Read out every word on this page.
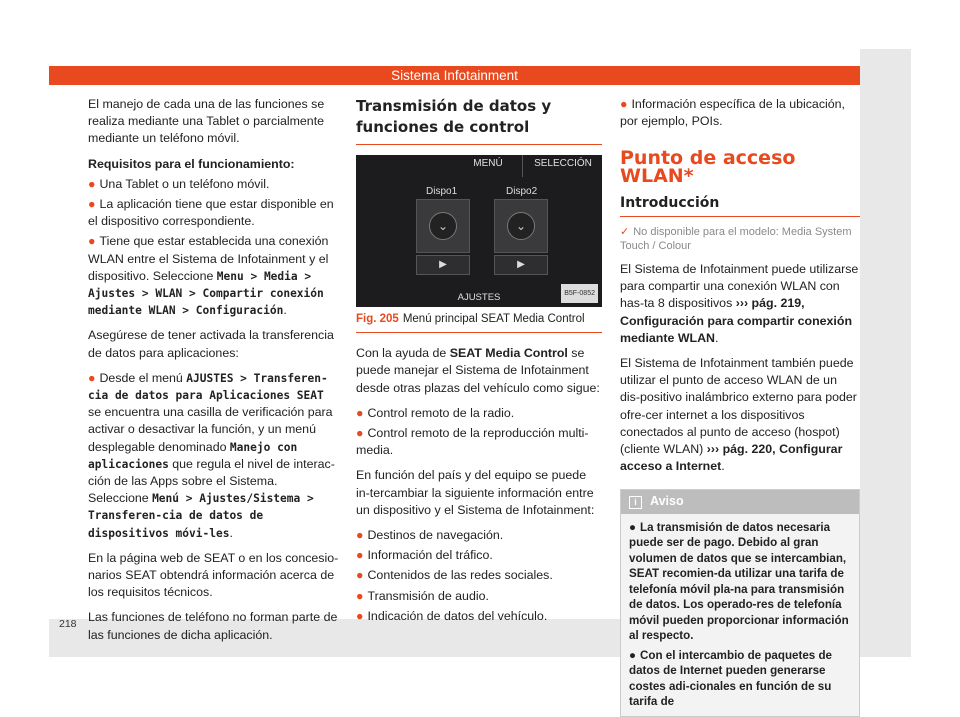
Sistema Infotainment

El manejo de cada una de las funciones se realiza mediante una Tablet o parcialmente mediante un teléfono móvil.

Requisitos para el funcionamiento:

● Una Tablet o un teléfono móvil.

● La aplicación tiene que estar disponible en el dispositivo correspondiente.

● Tiene que estar establecida una conexión WLAN entre el Sistema de Infotainment y el dispositivo. Seleccione Menu > Media > Ajustes > WLAN > Compartir conexión mediante WLAN > Configuración.

Asegúrese de tener activada la transferencia de datos para aplicaciones:

● Desde el menú AJUSTES > Transferen-cia de datos para Aplicaciones SEAT se encuentra una casilla de verificación para activar o desactivar la función, y un menú desplegable denominado Manejo con aplicaciones que regula el nivel de interac-ción de las Apps sobre el Sistema. Seleccione Menú > Ajustes/Sistema > Transferen-cia de datos de dispositivos móvi-les.

En la página web de SEAT o en los concesio-narios SEAT obtendrá información acerca de los requisitos técnicos.

Las funciones de teléfono no forman parte de las funciones de dicha aplicación.

Transmisión de datos y funciones de control
MENÚ	SELECCIÓN
Dispo1	Dispo2
⌄	⌄
▶	▶
AJUSTES	B5F-0852
Fig. 205 Menú principal SEAT Media Control

Con la ayuda de SEAT Media Control se puede manejar el Sistema de Infotainment desde otras plazas del vehículo como sigue:

● Control remoto de la radio.

● Control remoto de la reproducción multi-media.

En función del país y del equipo se puede in-tercambiar la siguiente información entre un dispositivo y el Sistema de Infotainment:

● Destinos de navegación.

● Información del tráfico.

● Contenidos de las redes sociales.

● Transmisión de audio.

● Indicación de datos del vehículo.

● Información específica de la ubicación, por ejemplo, POIs.

Punto de acceso WLAN*
Introducción

✓ No disponible para el modelo: Media System Touch / Colour

El Sistema de Infotainment puede utilizarse para compartir una conexión WLAN con has-ta 8 dispositivos ››› pág. 219, Configuración para compartir conexión mediante WLAN.

El Sistema de Infotainment también puede utilizar el punto de acceso WLAN de un dis-positivo inalámbrico externo para poder ofre-cer internet a los dispositivos conectados al punto de acceso (hospot) (cliente WLAN) ››› pág. 220, Configurar acceso a Internet.

i Aviso

● La transmisión de datos necesaria puede ser de pago. Debido al gran volumen de datos que se intercambian, SEAT recomien-da utilizar una tarifa de telefonía móvil pla-na para transmisión de datos. Los operado-res de telefonía móvil pueden proporcionar información al respecto.

● Con el intercambio de paquetes de datos de Internet pueden generarse costes adi-cionales en función de su tarifa de

218
